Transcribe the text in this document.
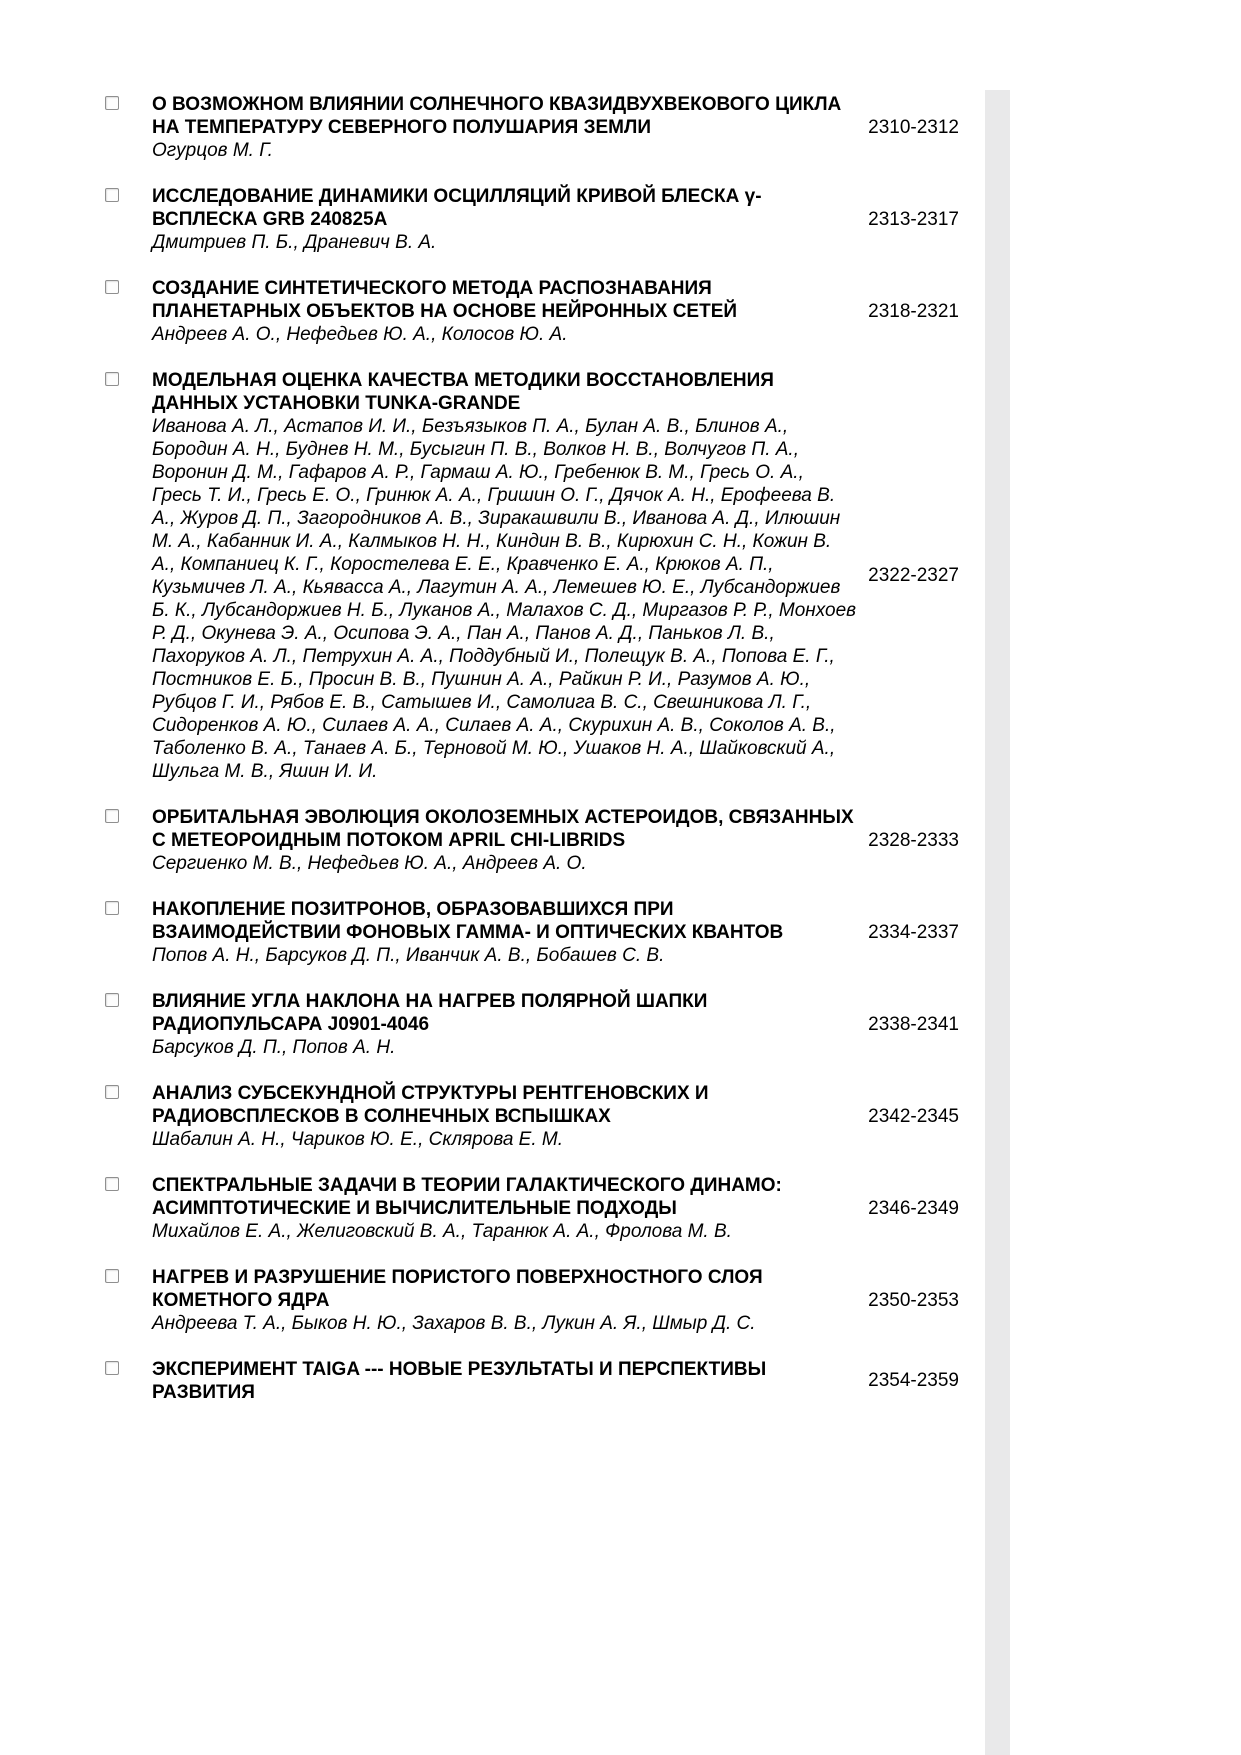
О ВОЗМОЖНОМ ВЛИЯНИИ СОЛНЕЧНОГО КВАЗИДВУХВЕКОВОГО ЦИКЛА НА ТЕМПЕРАТУРУ СЕВЕРНОГО ПОЛУШАРИЯ ЗЕМЛИ
Огурцов М. Г.
2310-2312
ИССЛЕДОВАНИЕ ДИНАМИКИ ОСЦИЛЛЯЦИЙ КРИВОЙ БЛЕСКА γ-ВСПЛЕСКА GRB 240825A
Дмитриев П. Б., Драневич В. А.
2313-2317
СОЗДАНИЕ СИНТЕТИЧЕСКОГО МЕТОДА РАСПОЗНАВАНИЯ ПЛАНЕТАРНЫХ ОБЪЕКТОВ НА ОСНОВЕ НЕЙРОННЫХ СЕТЕЙ
Андреев А. О., Нефедьев Ю. А., Колосов Ю. А.
2318-2321
МОДЕЛЬНАЯ ОЦЕНКА КАЧЕСТВА МЕТОДИКИ ВОССТАНОВЛЕНИЯ ДАННЫХ УСТАНОВКИ TUNKA-GRANDE
Иванова А. Л., Астапов И. И., Безъязыков П. А., Булан А. В., Блинов А., Бородин А. Н., Буднев Н. М., Бусыгин П. В., Волков Н. В., Волчугов П. А., Воронин Д. М., Гафаров А. Р., Гармаш А. Ю., Гребенюк В. М., Гресь О. А., Гресь Т. И., Гресь Е. О., Гринюк А. А., Гришин О. Г., Дячок А. Н., Ерофеева В. А., Журов Д. П., Загородников А. В., Зиракашвили В., Иванова А. Д., Илюшин М. А., Кабанник И. А., Калмыков Н. Н., Киндин В. В., Кирюхин С. Н., Кожин В. А., Компаниец К. Г., Коростелева Е. Е., Кравченко Е. А., Крюков А. П., Кузьмичев Л. А., Кьявасса А., Лагутин А. А., Лемешев Ю. Е., Лубсандоржиев Б. К., Лубсандоржиев Н. Б., Луканов А., Малахов С. Д., Миргазов Р. Р., Монхоев Р. Д., Окунева Э. А., Осипова Э. А., Пан А., Панов А. Д., Паньков Л. В., Пахоруков А. Л., Петрухин А. А., Поддубный И., Полещук В. А., Попова Е. Г., Постников Е. Б., Просин В. В., Пушнин А. А., Райкин Р. И., Разумов А. Ю., Рубцов Г. И., Рябов Е. В., Сатышев И., Самолига В. С., Свешникова Л. Г., Сидоренков А. Ю., Силаев А. А., Силаев А. А., Скурихин А. В., Соколов А. В., Таболенко В. А., Танаев А. Б., Терновой М. Ю., Ушаков Н. А., Шайковский А., Шульга М. В., Яшин И. И.
2322-2327
ОРБИТАЛЬНАЯ ЭВОЛЮЦИЯ ОКОЛОЗЕМНЫХ АСТЕРОИДОВ, СВЯЗАННЫХ С МЕТЕОРОИДНЫМ ПОТОКОМ APRIL CHI-LIBRIDS
Сергиенко М. В., Нефедьев Ю. А., Андреев А. О.
2328-2333
НАКОПЛЕНИЕ ПОЗИТРОНОВ, ОБРАЗОВАВШИХСЯ ПРИ ВЗАИМОДЕЙСТВИИ ФОНОВЫХ ГАММА- И ОПТИЧЕСКИХ КВАНТОВ
Попов А. Н., Барсуков Д. П., Иванчик А. В., Бобашев С. В.
2334-2337
ВЛИЯНИЕ УГЛА НАКЛОНА НА НАГРЕВ ПОЛЯРНОЙ ШАПКИ РАДИОПУЛЬСАРА J0901-4046
Барсуков Д. П., Попов А. Н.
2338-2341
АНАЛИЗ СУБСЕКУНДНОЙ СТРУКТУРЫ РЕНТГЕНОВСКИХ И РАДИОВСПЛЕСКОВ В СОЛНЕЧНЫХ ВСПЫШКАХ
Шабалин А. Н., Чариков Ю. Е., Склярова Е. М.
2342-2345
СПЕКТРАЛЬНЫЕ ЗАДАЧИ В ТЕОРИИ ГАЛАКТИЧЕСКОГО ДИНАМО: АСИМПТОТИЧЕСКИЕ И ВЫЧИСЛИТЕЛЬНЫЕ ПОДХОДЫ
Михайлов Е. А., Желиговский В. А., Таранюк А. А., Фролова М. В.
2346-2349
НАГРЕВ И РАЗРУШЕНИЕ ПОРИСТОГО ПОВЕРХНОСТНОГО СЛОЯ КОМЕТНОГО ЯДРА
Андреева Т. А., Быков Н. Ю., Захаров В. В., Лукин А. Я., Шмыр Д. С.
2350-2353
ЭКСПЕРИМЕНТ TAIGA --- НОВЫЕ РЕЗУЛЬТАТЫ И ПЕРСПЕКТИВЫ РАЗВИТИЯ
2354-2359
